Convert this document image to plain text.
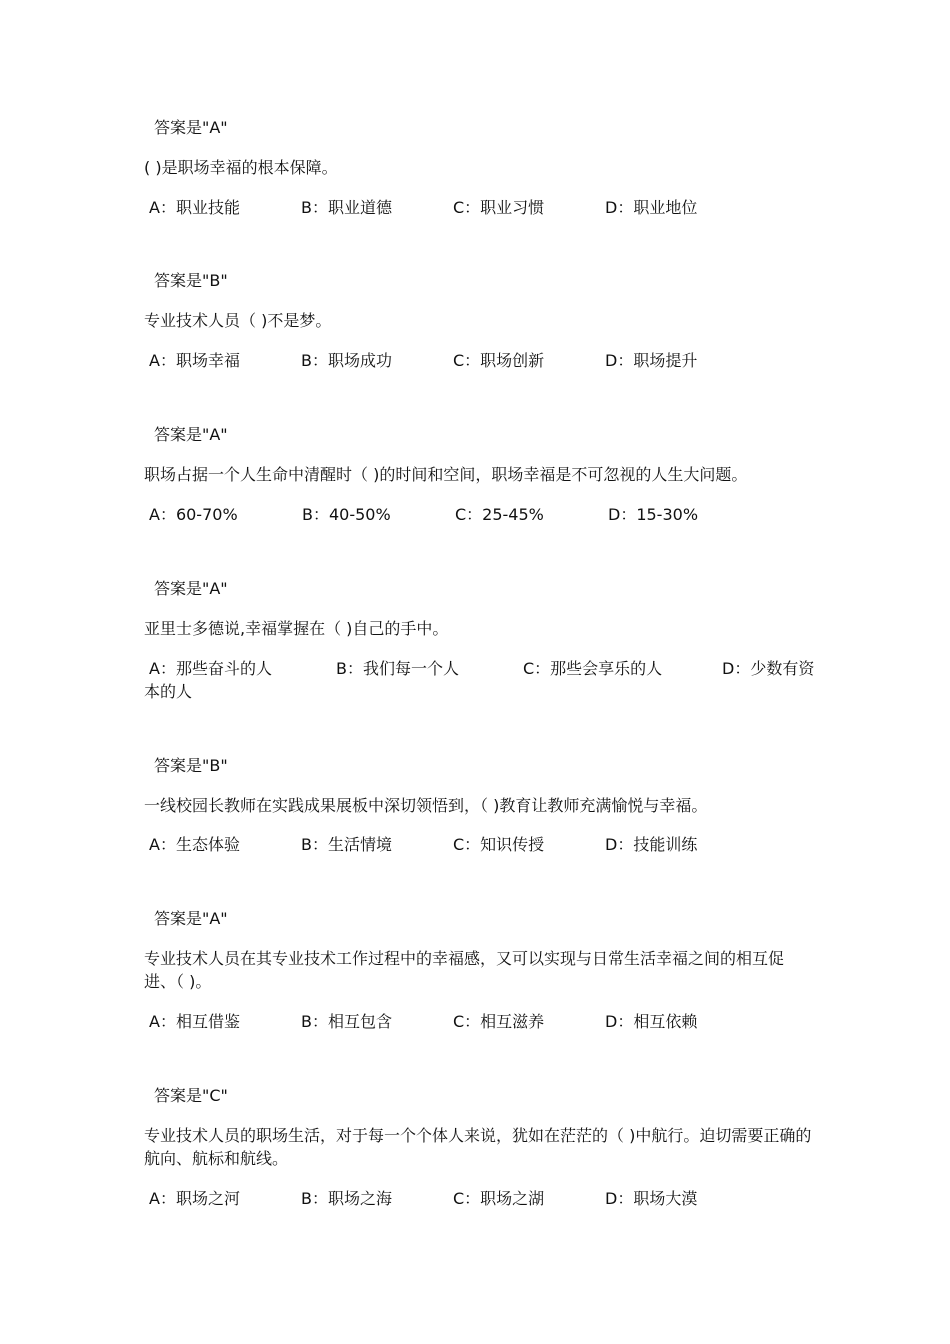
答案是"A"
( )是职场幸福的根本保障。
A：职业技能	B：职业道德	C：职业习惯	D：职业地位
答案是"B"
专业技术人员（ )不是梦。
A：职场幸福	B：职场成功	C：职场创新	D：职场提升
答案是"A"
职场占据一个人生命中清醒时（ )的时间和空间，职场幸福是不可忽视的人生大问题。
A：60-70%	B：40-50%	C：25-45%	D：15-30%
答案是"A"
亚里士多德说,幸福掌握在（ )自己的手中。
A：那些奋斗的人	B：我们每一个人	C：那些会享乐的人	D：少数有资本的人
答案是"B"
一线校园长教师在实践成果展板中深切领悟到，（ )教育让教师充满愉悦与幸福。
A：生态体验	B：生活情境	C：知识传授	D：技能训练
答案是"A"
专业技术人员在其专业技术工作过程中的幸福感，又可以实现与日常生活幸福之间的相互促进、（ )。
A：相互借鉴	B：相互包含	C：相互滋养	D：相互依赖
答案是"C"
专业技术人员的职场生活，对于每一个个体人来说，犹如在茫茫的（ )中航行。迫切需要正确的航向、航标和航线。
A：职场之河	B：职场之海	C：职场之湖	D：职场大漠
